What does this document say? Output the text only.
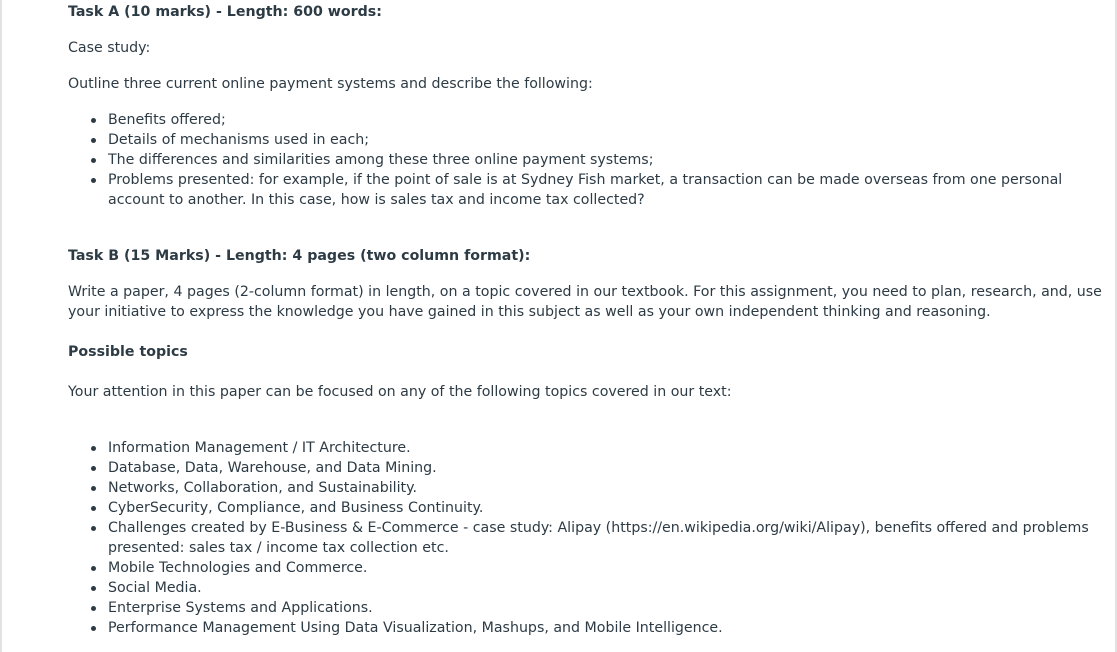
Task A (10 marks) - Length: 600 words:

Case study:

Outline three current online payment systems and describe the following:

Benefits offered;
Details of mechanisms used in each;
The differences and similarities among these three online payment systems;
Problems presented: for example, if the point of sale is at Sydney Fish market, a transaction can be made overseas from one personal account to another. In this case, how is sales tax and income tax collected?

Task B (15 Marks) - Length: 4 pages (two column format):

Write a paper, 4 pages (2-column format) in length, on a topic covered in our textbook. For this assignment, you need to plan, research, and, use your initiative to express the knowledge you have gained in this subject as well as your own independent thinking and reasoning.

Possible topics

Your attention in this paper can be focused on any of the following topics covered in our text:

Information Management / IT Architecture.
Database, Data, Warehouse, and Data Mining.
Networks, Collaboration, and Sustainability.
CyberSecurity, Compliance, and Business Continuity.
Challenges created by E-Business & E-Commerce - case study: Alipay (https://en.wikipedia.org/wiki/Alipay), benefits offered and problems presented: sales tax / income tax collection etc.
Mobile Technologies and Commerce.
Social Media.
Enterprise Systems and Applications.
Performance Management Using Data Visualization, Mashups, and Mobile Intelligence.
